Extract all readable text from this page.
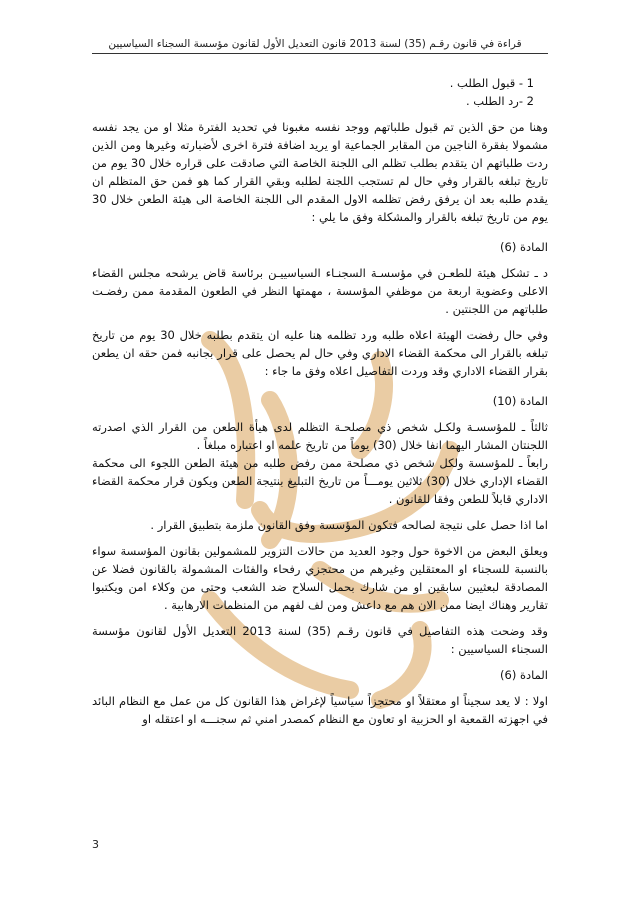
قراءة في قانون رقـم (35) لسنة 2013 قانون التعديل الأول لقانون مؤسسة السجناء السياسيين

1 - قبول الطلب .

2 -رد الطلب .

وهنا من حق الذين تم قبول طلباتهم ووجد نفسه مغبونا في تحديد الفترة مثلا او من يجد نفسه مشمولا بفقرة الناجين من المقابر الجماعية او يريد اضافة فترة اخرى لأضبارته وغيرها ومن الذين ردت طلباتهم ان يتقدم بطلب تظلم الى اللجنة الخاصة التي صادقت على قراره خلال 30 يوم من تاريخ تبلغه بالقرار وفي حال لم تستجب اللجنة لطلبه وبقي القرار كما هو فمن حق المتظلم ان يقدم طلبه بعد ان يرفق رفض تظلمه الاول المقدم الى اللجنة الخاصة الى هيئة الطعن خلال 30 يوم من تاريخ تبلغه بالقرار والمشكلة وفق ما يلي :

المادة (6)

د ـ تشكل هيئة للطعـن في مؤسسـة السجنـاء السياسييـن برئاسة قاض يرشحه مجلس القضاء الاعلى وعضوية اربعة من موظفي المؤسسة ، مهمتها النظر في الطعون المقدمة ممن رفضـت طلباتهم من اللجنتين .

وفي حال رفضت الهيئة اعلاه طلبه ورد تظلمه هنا عليه ان يتقدم بطلبه خلال 30 يوم من تاريخ تبلغه بالقرار الى محكمة القضاء الاداري وفي حال لم يحصل على قرار بجانبه فمن حقه ان يطعن بقرار القضاء الاداري وقد وردت التفاصيل اعلاه وفق ما جاء :

المادة (10)

ثالثاً ـ للمؤسسـة ولكـل شخص ذي مصلحـة التظلم لدى هيأة الطعن من القرار الذي اصدرته اللجنتان المشار اليهما انفا خلال (30) يوماً من تاريخ علمه او اعتباره مبلغاً .

رابعاً ـ للمؤسسة ولكل شخص ذي مصلحة ممن رفض طلبه من هيئة الطعن اللجوء الى محكمة القضاء الإداري خلال (30) ثلاثين يومـــاً من تاريخ التبليغ بنتيجة الطعن ويكون قرار محكمة القضاء الاداري قابلاً للطعن وفقا للقانون .

اما اذا حصل على نتيجة لصالحه فتكون المؤسسة وفق القانون ملزمة بتطبيق القرار .

ويعلق البعض من الاخوة حول وجود العديد من حالات التزوير للمشمولين بقانون المؤسسة سواء بالنسبة للسجناء او المعتقلين وغيرهم من محتجزي رفحاء والفئات المشمولة بالقانون فضلا عن المصادقة لبعثيين سابقين او من شارك بحمل السلاح ضد الشعب وحتى من وكلاء امن ويكتبوا تقارير وهناك ايضا ممن الان هم مع داعش ومن لف لفهم من المنظمات الارهابية .

وقد وضحت هذه التفاصيل في قانون رقـم (35) لسنة 2013 التعديل الأول لقانون مؤسسة السجناء السياسيين :

المادة (6)

اولا : لا يعد سجيناً او معتقلاً او محتجزاً سياسياً لإغراض هذا القانون كل من عمل مع النظام البائد في اجهزته القمعية او الحزبية او تعاون مع النظام كمصدر امني ثم سجنـــه او اعتقله او

3
